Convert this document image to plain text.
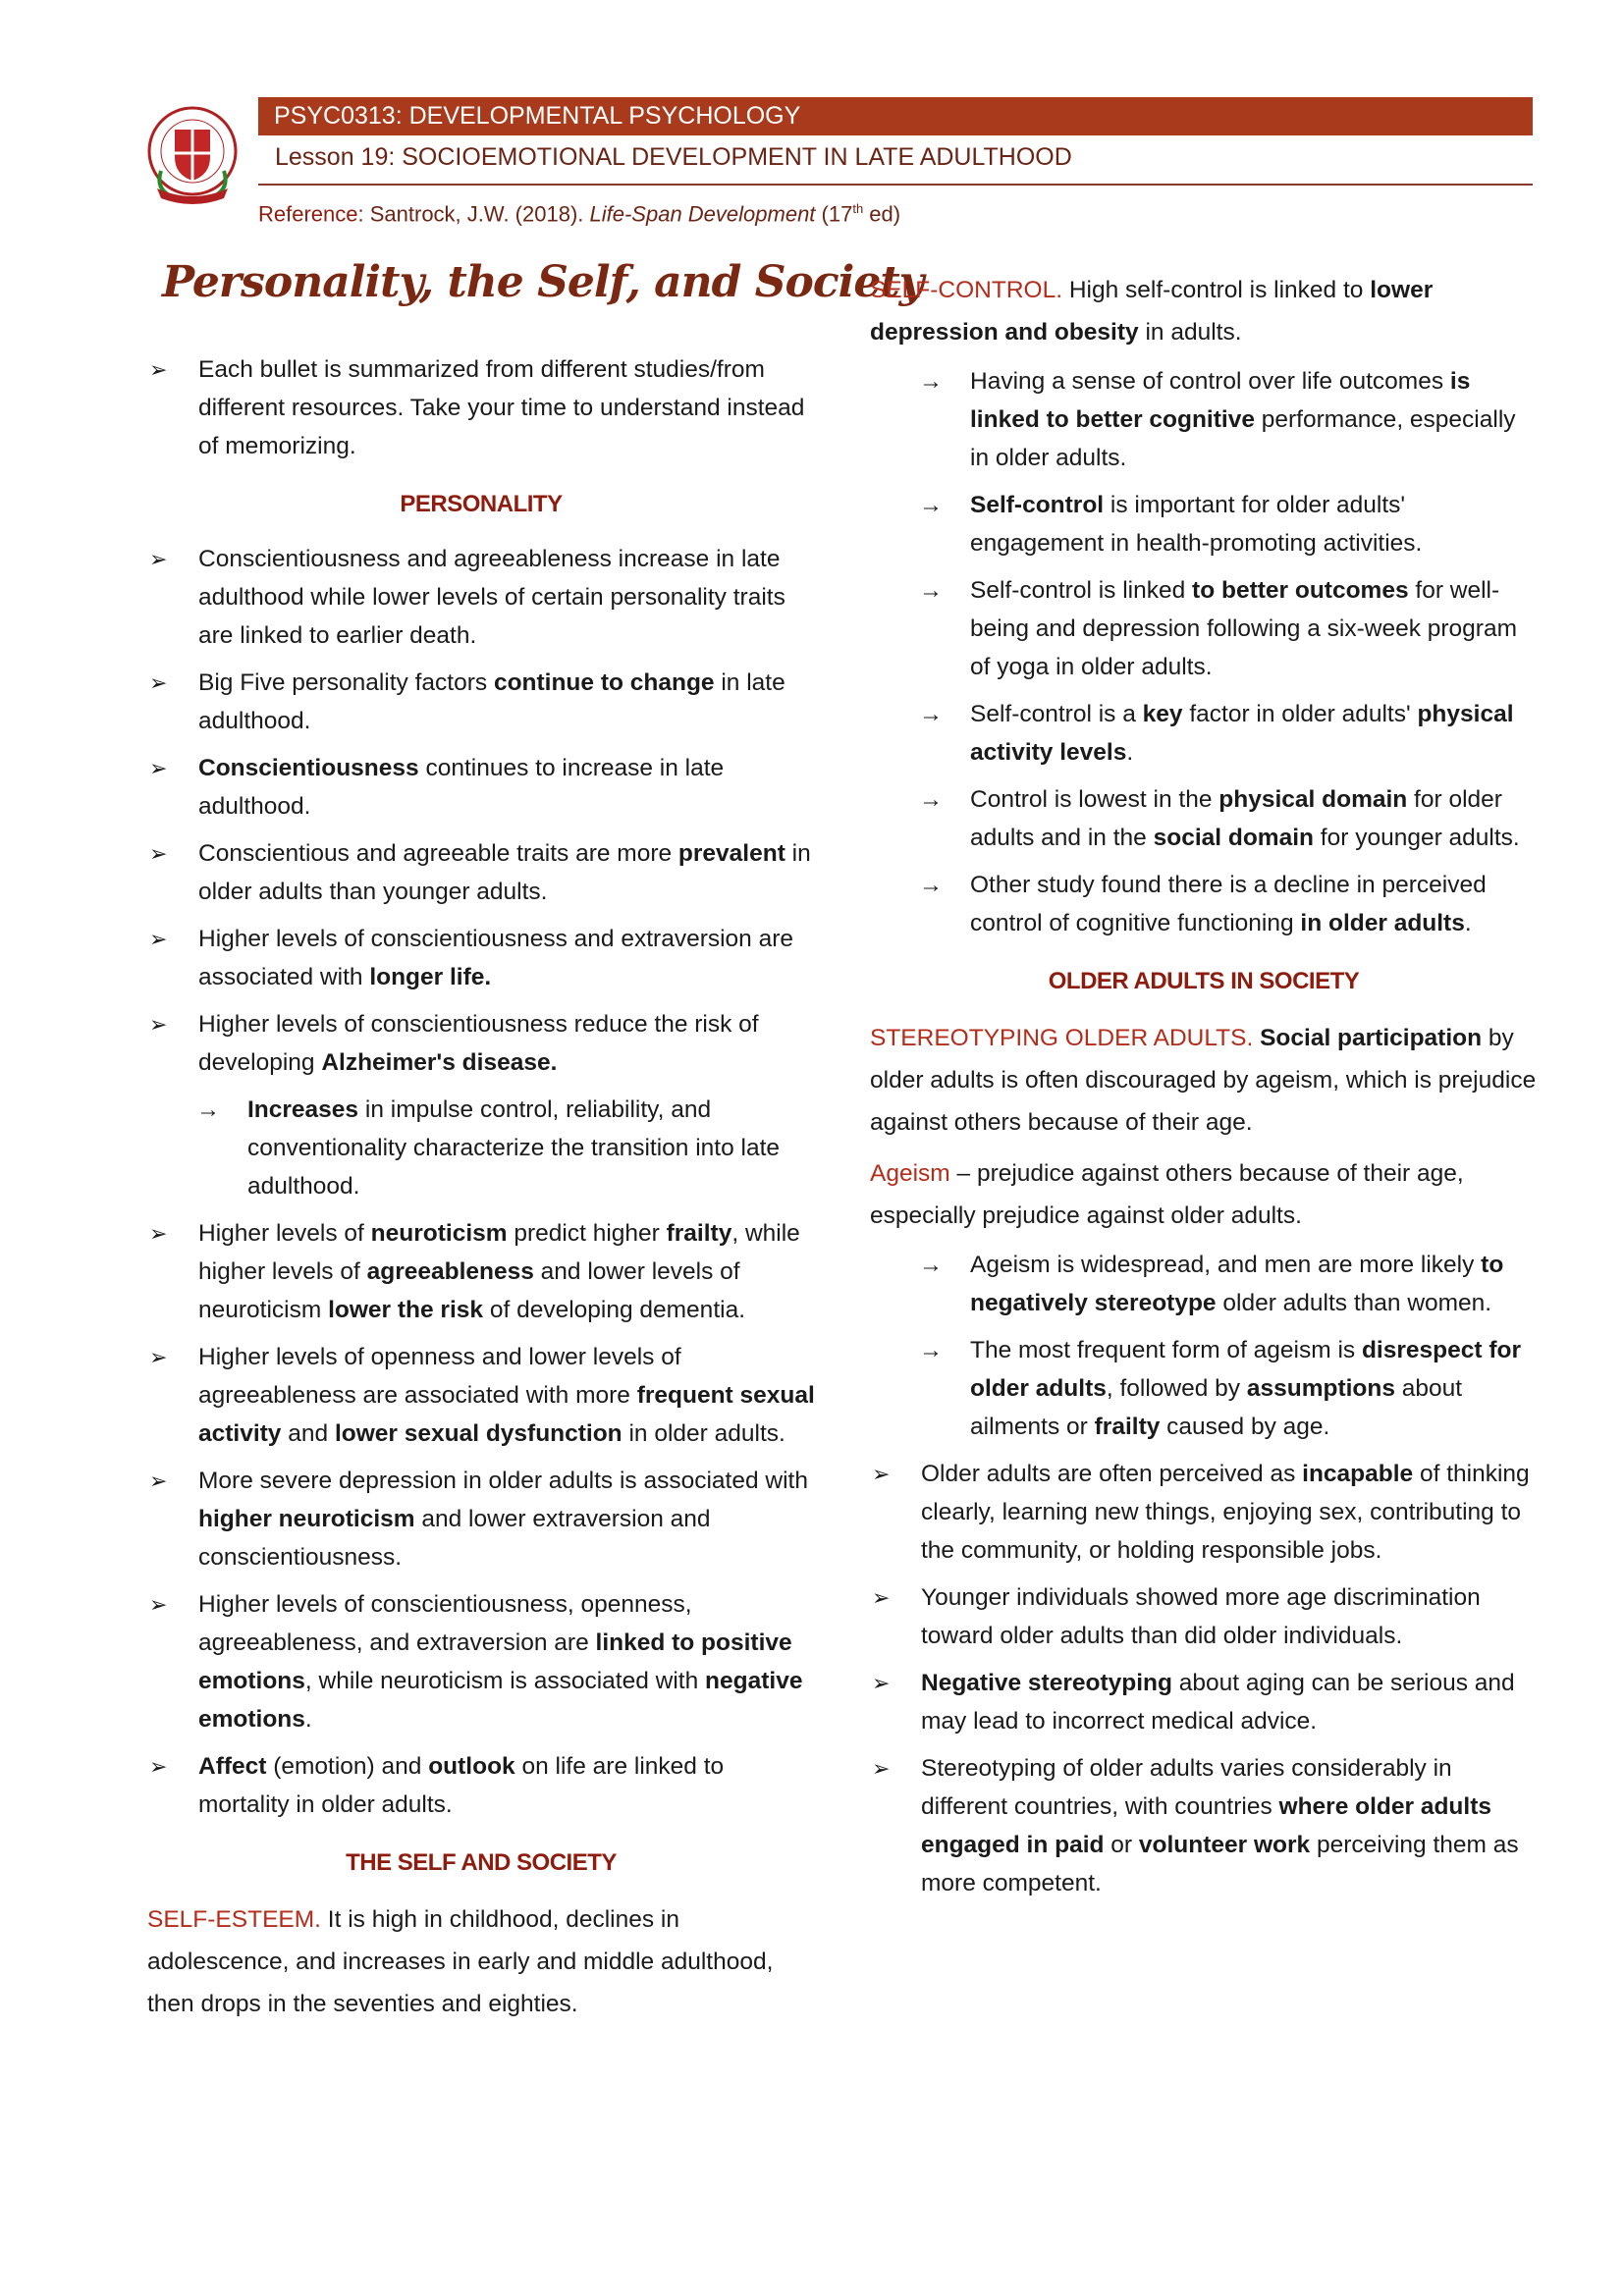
PSYC0313: DEVELOPMENTAL PSYCHOLOGY
Lesson 19: SOCIOEMOTIONAL DEVELOPMENT IN LATE ADULTHOOD
Reference: Santrock, J.W. (2018). Life-Span Development (17th ed)
Personality, the Self, and Society
➢ Each bullet is summarized from different studies/from different resources. Take your time to understand instead of memorizing.
PERSONALITY
➢ Conscientiousness and agreeableness increase in late adulthood while lower levels of certain personality traits are linked to earlier death.
➢ Big Five personality factors continue to change in late adulthood.
➢ Conscientiousness continues to increase in late adulthood.
➢ Conscientious and agreeable traits are more prevalent in older adults than younger adults.
➢ Higher levels of conscientiousness and extraversion are associated with longer life.
➢ Higher levels of conscientiousness reduce the risk of developing Alzheimer's disease.
→ Increases in impulse control, reliability, and conventionality characterize the transition into late adulthood.
➢ Higher levels of neuroticism predict higher frailty, while higher levels of agreeableness and lower levels of neuroticism lower the risk of developing dementia.
➢ Higher levels of openness and lower levels of agreeableness are associated with more frequent sexual activity and lower sexual dysfunction in older adults.
➢ More severe depression in older adults is associated with higher neuroticism and lower extraversion and conscientiousness.
➢ Higher levels of conscientiousness, openness, agreeableness, and extraversion are linked to positive emotions, while neuroticism is associated with negative emotions.
➢ Affect (emotion) and outlook on life are linked to mortality in older adults.
THE SELF AND SOCIETY
SELF-ESTEEM. It is high in childhood, declines in adolescence, and increases in early and middle adulthood, then drops in the seventies and eighties.
SELF-CONTROL. High self-control is linked to lower depression and obesity in adults.
→ Having a sense of control over life outcomes is linked to better cognitive performance, especially in older adults.
→ Self-control is important for older adults' engagement in health-promoting activities.
→ Self-control is linked to better outcomes for well-being and depression following a six-week program of yoga in older adults.
→ Self-control is a key factor in older adults' physical activity levels.
→ Control is lowest in the physical domain for older adults and in the social domain for younger adults.
→ Other study found there is a decline in perceived control of cognitive functioning in older adults.
OLDER ADULTS IN SOCIETY
STEREOTYPING OLDER ADULTS. Social participation by older adults is often discouraged by ageism, which is prejudice against others because of their age.
Ageism – prejudice against others because of their age, especially prejudice against older adults.
→ Ageism is widespread, and men are more likely to negatively stereotype older adults than women.
→ The most frequent form of ageism is disrespect for older adults, followed by assumptions about ailments or frailty caused by age.
➢ Older adults are often perceived as incapable of thinking clearly, learning new things, enjoying sex, contributing to the community, or holding responsible jobs.
➢ Younger individuals showed more age discrimination toward older adults than did older individuals.
➢ Negative stereotyping about aging can be serious and may lead to incorrect medical advice.
➢ Stereotyping of older adults varies considerably in different countries, with countries where older adults engaged in paid or volunteer work perceiving them as more competent.
